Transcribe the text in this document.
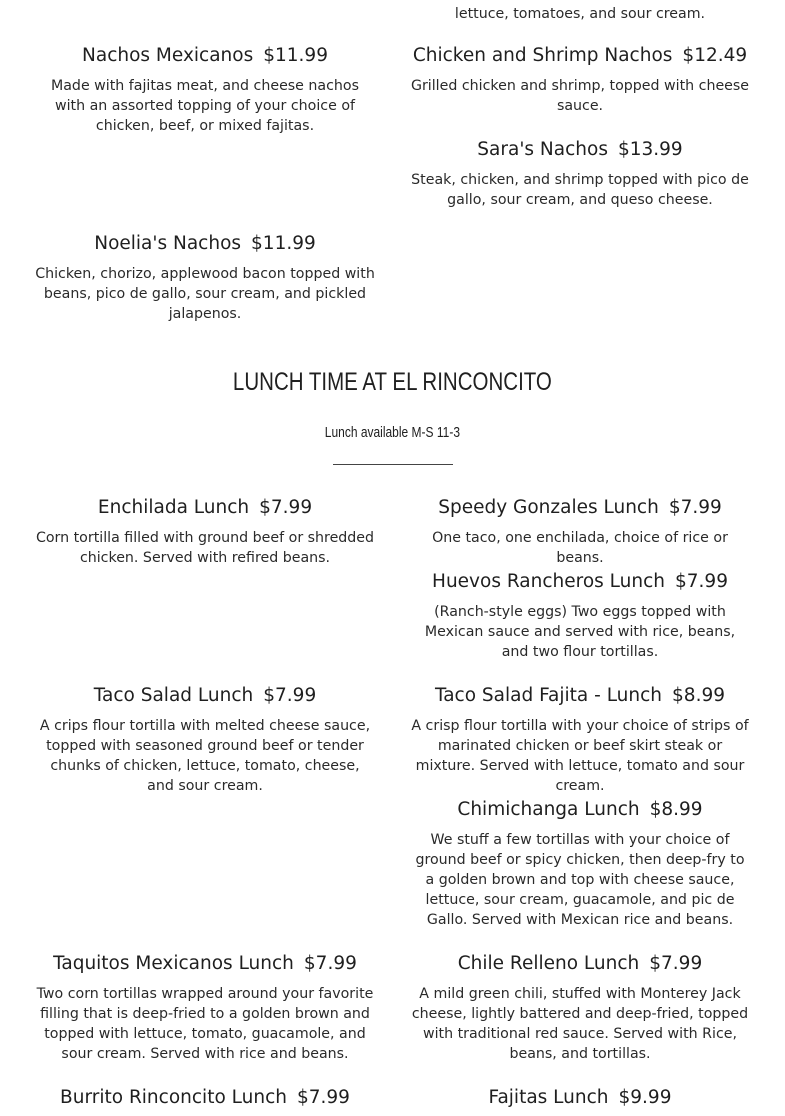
lettuce, tomatoes, and sour cream.
Nachos Mexicanos $11.99
Made with fajitas meat, and cheese nachos with an assorted topping of your choice of chicken, beef, or mixed fajitas.
Chicken and Shrimp Nachos $12.49
Grilled chicken and shrimp, topped with cheese sauce.
Sara's Nachos $13.99
Steak, chicken, and shrimp topped with pico de gallo, sour cream, and queso cheese.
Noelia's Nachos $11.99
Chicken, chorizo, applewood bacon topped with beans, pico de gallo, sour cream, and pickled jalapenos.
LUNCH TIME AT EL RINCONCITO
Lunch available M-S 11-3
Enchilada Lunch $7.99
Corn tortilla filled with ground beef or shredded chicken. Served with refired beans.
Speedy Gonzales Lunch $7.99
One taco, one enchilada, choice of rice or beans.
Huevos Rancheros Lunch $7.99
(Ranch-style eggs) Two eggs topped with Mexican sauce and served with rice, beans, and two flour tortillas.
Taco Salad Lunch $7.99
A crips flour tortilla with melted cheese sauce, topped with seasoned ground beef or tender chunks of chicken, lettuce, tomato, cheese, and sour cream.
Taco Salad Fajita - Lunch $8.99
A crisp flour tortilla with your choice of strips of marinated chicken or beef skirt steak or mixture. Served with lettuce, tomato and sour cream.
Chimichanga Lunch $8.99
We stuff a few tortillas with your choice of ground beef or spicy chicken, then deep-fry to a golden brown and top with cheese sauce, lettuce, sour cream, guacamole, and pic de Gallo. Served with Mexican rice and beans.
Taquitos Mexicanos Lunch $7.99
Two corn tortillas wrapped around your favorite filling that is deep-fried to a golden brown and topped with lettuce, tomato, guacamole, and sour cream. Served with rice and beans.
Chile Relleno Lunch $7.99
A mild green chili, stuffed with Monterey Jack cheese, lightly battered and deep-fried, topped with traditional red sauce. Served with Rice, beans, and tortillas.
Burrito Rinconcito Lunch $7.99	Fajitas Lunch $9.99
